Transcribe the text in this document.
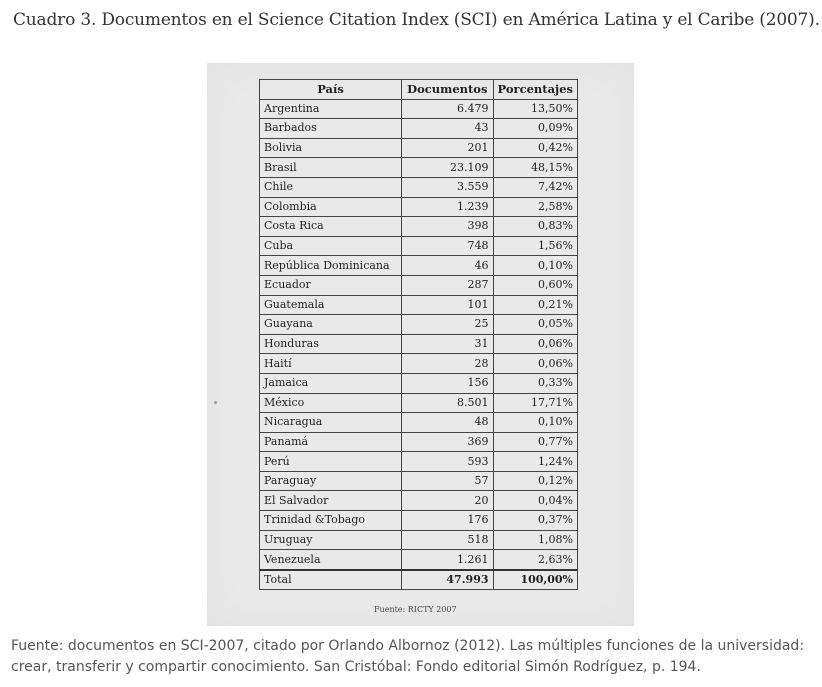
Cuadro 3. Documentos en el Science Citation Index (SCI) en América Latina y el Caribe (2007).
País	Documentos	Porcentajes
Argentina	6.479	13,50%
Barbados	43	0,09%
Bolivia	201	0,42%
Brasil	23.109	48,15%
Chile	3.559	7,42%
Colombia	1.239	2,58%
Costa Rica	398	0,83%
Cuba	748	1,56%
República Dominicana	46	0,10%
Ecuador	287	0,60%
Guatemala	101	0,21%
Guayana	25	0,05%
Honduras	31	0,06%
Haití	28	0,06%
Jamaica	156	0,33%
México	8.501	17,71%
Nicaragua	48	0,10%
Panamá	369	0,77%
Perú	593	1,24%
Paraguay	57	0,12%
El Salvador	20	0,04%
Trinidad &Tobago	176	0,37%
Uruguay	518	1,08%
Venezuela	1.261	2,63%
Total	47.993	100,00%
Fuente: RICTY 2007
Fuente: documentos en SCI-2007, citado por Orlando Albornoz (2012). Las múltiples funciones de la universidad: crear, transferir y compartir conocimiento. San Cristóbal: Fondo editorial Simón Rodríguez, p. 194.
